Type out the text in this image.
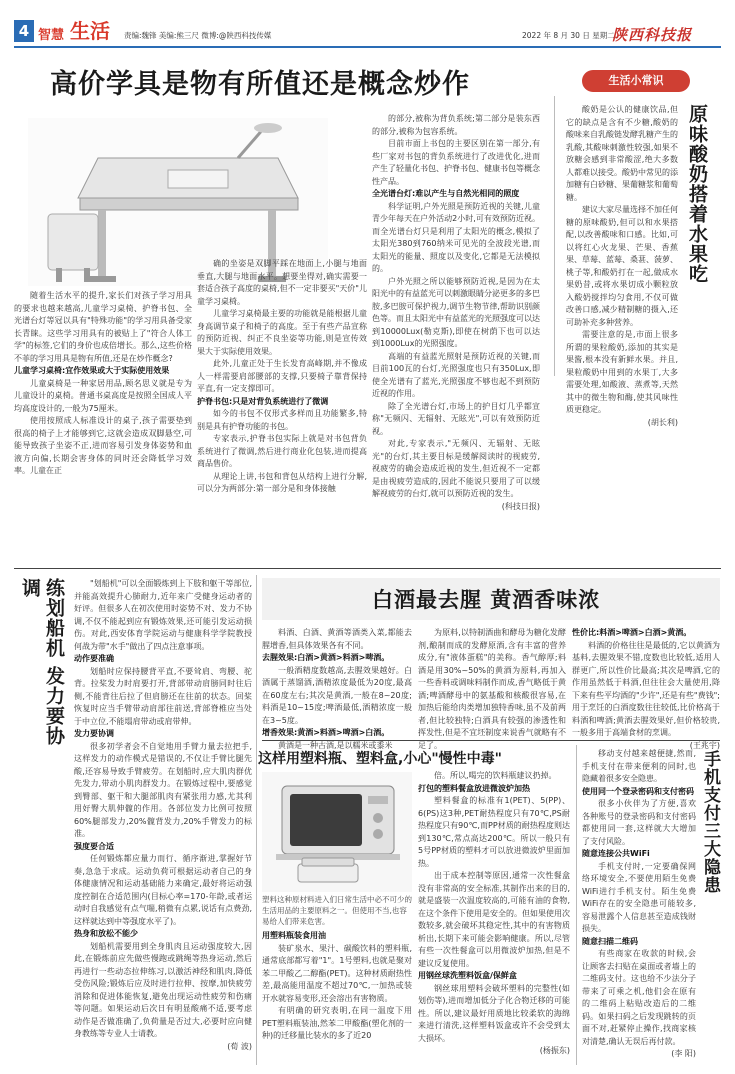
4 智慧 生活 责编:魏锋 美编:熊三尺 微博:@陕西科技传媒	2022 年 8 月 30 日 星期二
陕西科技报
高价学具是物有所值还是概念炒作

随着生活水平的提升,家长们对孩子学习用具的要求也越来越高,儿童学习桌椅、护脊书包、全光谱台灯等冠以具有"特殊功能"的学习用具备受家长青睐。这些学习用具有的被贴上了"符合人体工学"的标签,它们的身价也成倍增长。那么,这些价格不菲的学习用具是物有所值,还是在炒作概念?

儿童学习桌椅:宜作效果或大于实际使用效果

儿童桌椅是一种家居用品,顾名思义就是专为儿童设计的桌椅。普通书桌高度是按照全国成人平均高度设计的,一般为75厘米。

使用按照成人标准设计的桌子,孩子需要垫到很高的椅子上才能够到它,这就会造成双脚悬空,可能导致孩子坐姿不正,进而容易引发身体姿势和血液方向偏,长期会害身体的同时还会降低学习效率。儿童在正

确的坐姿是双脚平踩在地面上,小腿与地面垂直,大腿与地面水平。想要坐得对,确实需要一套适合孩子高度的桌椅,但不一定非要买"天价"儿童学习桌椅。

儿童学习桌椅最主要的功能就是能根据儿童身高调节桌子和椅子的高度。至于有些产品宣称的预防近视、纠正不良坐姿等功能,则是宣传效果大于实际使用效果。

此外,儿童正处于生长发育高峰期,并不像成人一样需要肩部腰部的支撑,只要椅子靠背保持平直,有一定支撑即可。

护脊书包:只是对背负系统进行了微调

如今的书包不仅形式多样而且功能繁多,特别是具有护脊功能的书包。

专家表示,护脊书包实际上就是对书包背负系统进行了微调,然后进行商业化包装,进而提高商品售价。

从理论上讲,书包和背包从结构上进行分解,可以分为两部分:第一部分是和身体接触

的部分,被称为背负系统;第二部分是装东西的部分,被称为包容系统。

目前市面上书包的主要区别在第一部分,有些厂家对书包的背负系统进行了改进优化,进而产生了轻量化书包、护脊书包、健康书包等概念性产品。

全光谱台灯:难以产生与自然光相同的照度

科学证明,户外光照是预防近视的关键,儿童青少年每天在户外活动2小时,可有效预防近视。而全光谱台灯只是利用了太阳光的概念,模拟了太阳光380到760纳米可见光的全波段光谱,而太阳光的能量、照度以及变化,它都是无法模拟的。

户外光照之所以能够预防近视,是因为在太阳光中的有益蓝光可以刺激眼睛分泌更多的多巴胺,多巴胺可保护视力,调节生物节律,帮助识别颜色等。而且太阳光中有益蓝光的光照强度可以达到10000Lux(勒克斯),即使在树荫下也可以达到1000Lux的光照强度。

高端的有益蓝光照射是预防近视的关键,而目前100瓦的台灯,光照强度也只有350Lux,即使全光谱有了蓝光,光照强度不够也起不到预防近视的作用。

除了全光谱台灯,市场上的护目灯几乎都宣称"无频闪、无辐射、无眩光",可以有效预防近视。

对此,专家表示,"无频闪、无辐射、无眩光"的台灯,其主要目标是缓解阅读时的视疲劳,视疲劳的确会造成近视的发生,但近视不一定都是由视疲劳造成的,因此不能说只要用了可以缓解视疲劳的台灯,就可以预防近视的发生。

(科技日报)

生活小常识

酸奶是公认的健康饮品,但它的缺点是含有不少糖,酸奶的酸味来自乳酸链发酵乳糖产生的乳酸,其酸味刺激性较强,如果不放糖会感到非常酸涩,绝大多数人都难以接受。酸奶中常见的添加糖有白砂糖、果葡糖浆和葡萄糖。

建议大家尽量选择不加任何糖的原味酸奶,但可以和水果搭配,以改善酸味和口感。比如,可以将红心火龙果、芒果、香蕉果、草莓、蓝莓、桑葚、菠萝、桃子等,和酸奶打在一起,做成水果奶昔,或将水果切成小颗粒放入酸奶搅拌均匀食用,不仅可做改善口感,减少精制糖的摄入,还可助补充多种营养。

需要注意的是,市面上很多所谓的果粒酸奶,添加的其实是果酱,根本没有新鲜水果。并且,果粒酸奶中用到的水果丁,大多需要处理,如酸液、蒸煮等,天然其中的微生物和酶,使其风味性质更稳定。

(胡长利)

原味酸奶搭着水果吃
练划船机 发力要协调	"划船机"可以全面锻炼到上下肢和躯干等部位,并能高效提升心肺耐力,近年来广受健身运动者的好评。但很多人在初次使用时姿势不对、发力不协调,不仅不能起到应有锻炼效果,还可能引发运动损伤。对此,西安体育学院运动与健康科学学院教授何战为带"水手"做出了四点注意事项。

动作要准确

划船时应保持腰背平直,不要耸肩、弯腰、驼背。拉桨发力时肩要打开,背部带动肩膀同时往后侧,不能背往后拉了但肩膀还在往前的状态。回桨恢复时应当手臂带动肩部往前送,背部脊椎应当处于中立位,不能塌肩带动或肩带伸。

发力要协调

很多初学者会不自觉地用手臂力量去拉把手,这样发力的动作模式是错误的,不仅让手臂比腿先酸,还容易导致手臂疲劳。在划船时,应大肌肉群优先发力,带动小肌肉群发力。在锻炼过程中,要感觉到臀部、躯干和大腿部肌肉有紧张用力感,尤其利用好臀大肌伸髋的作用。各部位发力比例可按照60%腿部发力,20%髋背发力,20%手臂发力的标准。

强度要合适

任何锻炼都应量力而行、循序渐进,掌握好节奏,急急于求成。运动负荷可根据运动者自己的身体健康情况和运动基础能力来确定,最好将运动强度控制在合适范围内(目标心率=170-年龄,或者运动时自我感觉有点气喘,稍微有点累,说话有点费劲,这样就达到中等强度水平了)。

热身和放松不能少

划船机需要用到全身肌肉且运动强度较大,因此,在锻炼前应先做些慢跑或跳绳等热身运动,然后再进行一些动态拉伸练习,以激活神经和肌肉,降低受伤风险;锻炼后应及时进行拉伸、按摩,加快疲劳消除和促进体能恢复,避免出现运动性疲劳和伤痛等问题。如果运动后次日有明显酸痛不适,要考虑动作是否做准确了,负荷量是否过大,必要时应向健身教练等专业人士请教。

(荀 波)

白酒最去腥 黄酒香味浓

料酒、白酒、黄酒等酒类入菜,都能去腥增香,但具体效果各有不同。

去腥效果:白酒>黄酒>料酒>啤酒。

一般酒精度数越高,去腥效果越好。白酒属于蒸馏酒,酒精浓度最低为20度,最高在60度左右;其次是黄酒,一般在8~20度;料酒是10~15度;啤酒最低,酒精浓度一般在3~5度。

增香效果:黄酒>料酒>啤酒>白酒。

黄酒是一种古酒,是以糯米或黍米

为原料,以特制酒曲和酵母为糖化发酵剂,酿制而成的发酵原酒,含有丰富的营养成分,有"液体蛋糕"的美称。香气醇厚;料酒是用30%~50%的黄酒为原料,再加入一些香料或调味料制作而成,香气略低于黄酒;啤酒酵母中的氨基酸和核酸很容易,在加热后能给肉类增加独特香味,虽不及前两者,但比较独特;白酒具有较强的渗透性和挥发性,但是不宜坯制度来说香气就略有不足了。

性价比:料酒>啤酒>白酒>黄酒。

料酒的价格往往是最低的,它以黄酒为基料,去腥效果不错,度数也比较低,适用人群更广,所以性价比最高;其次是啤酒,它的作用虽然低于料酒,但往往会大量使用,降下来有些平均酒的"少许",还是有些"费钱";用于烹饪的白酒度数往往较低,比价格高于料酒和啤酒;黄酒去腥效果好,但价格较贵,一般多用于高端食材的烹调。

(王兆宇)

这样用塑料瓶、塑料盒,小心"慢性中毒"
塑料这种原材料进入们日常生活中必不可少的生活用品的主要原料之一。但使用不当,也容易给人们带来危害。

用塑料瓶装食用油

装矿泉水、果汁、碳酸饮料的塑料瓶,通常底部都写着"1"。1号塑料,也就是聚对苯二甲酸乙二醇酯(PET)。这种材质耐热性差,最高能用温度不超过70℃,一加热或装开水就容易变形,还会溶出有害物质。

有明确的研究表明,在同一温度下用PET塑料瓶装油,然苯二甲酸酯(塑化剂的一种)的迁移量比装水的多了近20

倍。所以,喝完的饮料瓶建议扔掉。

打包的塑料餐盒放进微波炉加热

塑料餐盒的标准有1(PET)、5(PP)、6(PS)这3种,PET耐热程度只有70℃,PS耐热程度只有90℃,而PP材质的耐热程度则达到130℃,常点高达200℃。所以一般只有5号PP材质的塑料才可以放进微波炉里面加热。

出于成本控制等原因,通常一次性餐盒没有非常高的安全标准,其制作出来的目的,就是盛装一次温度较高的,可能有油的食物,在这个条件下使用是安全的。但如果使用次数较多,就会破坏其稳定性,其中的有害物质析出,长期下来可能会影响健康。所以,尽管有些一次性餐盒可以用微波炉加热,但是不建议反复使用。

用钢丝球洗塑料饭盒/保鲜盒

钢丝球用塑料会破坏塑料的完整性(如划伤等),进而增加低分子化合物迁移的可能性。所以,建议最好用质地比较柔软的海绵来进行清洗,这样塑料饭盒或许不会受到太大损坏。

(杨振东)

移动支付越来越便捷,然而,手机支付在带来便利的同时,也隐藏着很多安全隐患。

使用同一个登录密码和支付密码

很多小伙伴为了方便,喜欢各种账号的登录密码和支付密码都使用同一套,这样就大大增加了支付风险。

随意连接公共WiFi

手机支付时,一定要确保网络环境安全,不要使用陌生免费WiFi进行手机支付。陌生免费WiFi存在的安全隐患可能较多,容易泄露个人信息甚至造成钱财损失。

随意扫描二维码

有些商家在收款的时候,会让顾客去扫贴在桌面或者墙上的二维码支付。这也给不少法分子带来了可乘之机,他们会在原有的二维码上粘贴改造后的二维码。如果扫码之后发现跳转的页面不对,赶紧停止操作,找商家核对清楚,确认无误后再付款。

(李 阳)

手机支付三大隐患
